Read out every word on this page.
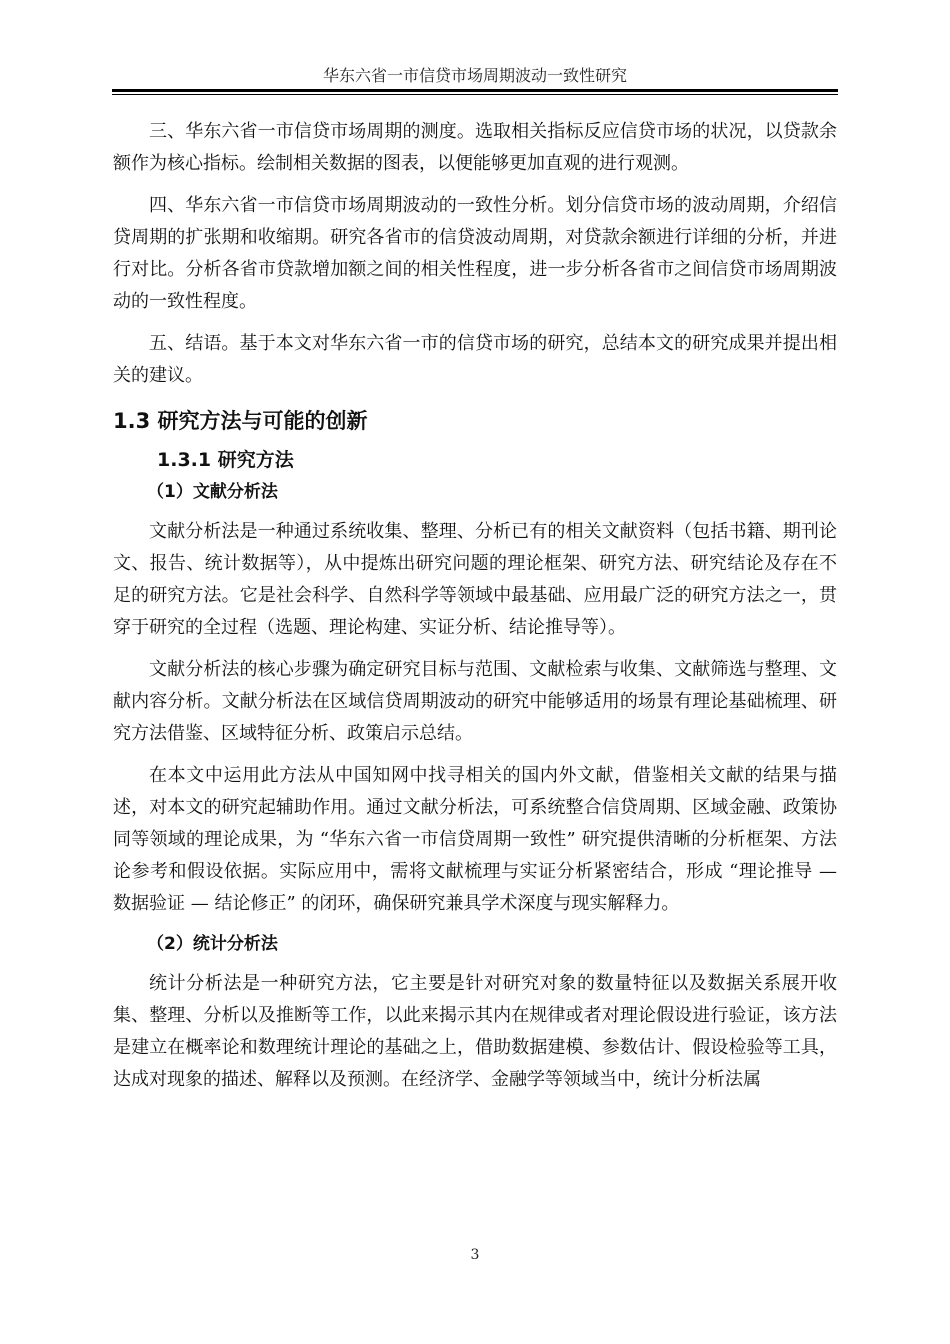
华东六省一市信贷市场周期波动一致性研究

三、华东六省一市信贷市场周期的测度。选取相关指标反应信贷市场的状况，以贷款余额作为核心指标。绘制相关数据的图表，以便能够更加直观的进行观测。

四、华东六省一市信贷市场周期波动的一致性分析。划分信贷市场的波动周期，介绍信贷周期的扩张期和收缩期。研究各省市的信贷波动周期，对贷款余额进行详细的分析，并进行对比。分析各省市贷款增加额之间的相关性程度，进一步分析各省市之间信贷市场周期波动的一致性程度。

五、结语。基于本文对华东六省一市的信贷市场的研究，总结本文的研究成果并提出相关的建议。

1.3 研究方法与可能的创新
1.3.1 研究方法
（1）文献分析法

文献分析法是一种通过系统收集、整理、分析已有的相关文献资料（包括书籍、期刊论文、报告、统计数据等），从中提炼出研究问题的理论框架、研究方法、研究结论及存在不足的研究方法。它是社会科学、自然科学等领域中最基础、应用最广泛的研究方法之一，贯穿于研究的全过程（选题、理论构建、实证分析、结论推导等）。

文献分析法的核心步骤为确定研究目标与范围、文献检索与收集、文献筛选与整理、文献内容分析。文献分析法在区域信贷周期波动的研究中能够适用的场景有理论基础梳理、研究方法借鉴、区域特征分析、政策启示总结。

在本文中运用此方法从中国知网中找寻相关的国内外文献，借鉴相关文献的结果与描述，对本文的研究起辅助作用。通过文献分析法，可系统整合信贷周期、区域金融、政策协同等领域的理论成果，为 “华东六省一市信贷周期一致性” 研究提供清晰的分析框架、方法论参考和假设依据。实际应用中，需将文献梳理与实证分析紧密结合，形成 “理论推导 — 数据验证 — 结论修正” 的闭环，确保研究兼具学术深度与现实解释力。

（2）统计分析法

统计分析法是一种研究方法，它主要是针对研究对象的数量特征以及数据关系展开收集、整理、分析以及推断等工作，以此来揭示其内在规律或者对理论假设进行验证，该方法是建立在概率论和数理统计理论的基础之上，借助数据建模、参数估计、假设检验等工具，达成对现象的描述、解释以及预测。在经济学、金融学等领域当中，统计分析法属

3
